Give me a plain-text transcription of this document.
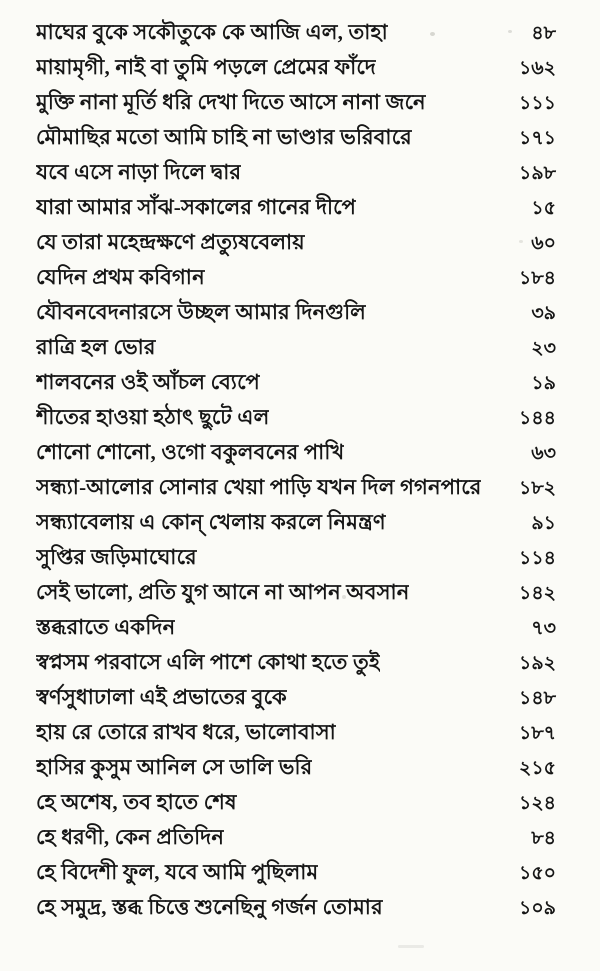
মাঘের বুকে সকৌতুকে কে আজি এল, তাহা	৪৮
মায়ামৃগী, নাই বা তুমি পড়লে প্রেমের ফাঁদে	১৬২
মুক্তি নানা মূর্তি ধরি দেখা দিতে আসে নানা জনে	১১১
মৌমাছির মতো আমি চাহি না ভাণ্ডার ভরিবারে	১৭১
যবে এসে নাড়া দিলে দ্বার	১৯৮
যারা আমার সাঁঝ-সকালের গানের দীপে	১৫
যে তারা মহেন্দ্রক্ষণে প্রত্যুষবেলায়	৬০
যেদিন প্রথম কবিগান	১৮৪
যৌবনবেদনারসে উচ্ছল আমার দিনগুলি	৩৯
রাত্রি হল ভোর	২৩
শালবনের ওই আঁচল ব্যেপে	১৯
শীতের হাওয়া হঠাৎ ছুটে এল	১৪৪
শোনো শোনো, ওগো বকুলবনের পাখি	৬৩
সন্ধ্যা-আলোর সোনার খেয়া পাড়ি যখন দিল গগনপারে	১৮২
সন্ধ্যাবেলায় এ কোন্ খেলায় করলে নিমন্ত্রণ	৯১
সুপ্তির জড়িমাঘোরে	১১৪
সেই ভালো, প্রতি যুগ আনে না আপন অবসান	১৪২
স্তব্ধরাতে একদিন	৭৩
স্বপ্নসম পরবাসে এলি পাশে কোথা হতে তুই	১৯২
স্বর্ণসুধাঢালা এই প্রভাতের বুকে	১৪৮
হায় রে তোরে রাখব ধরে, ভালোবাসা	১৮৭
হাসির কুসুম আনিল সে ডালি ভরি	২১৫
হে অশেষ, তব হাতে শেষ	১২৪
হে ধরণী, কেন প্রতিদিন	৮৪
হে বিদেশী ফুল, যবে আমি পুছিলাম	১৫০
হে সমুদ্র, স্তব্ধ চিত্তে শুনেছিনু গর্জন তোমার	১০৯
